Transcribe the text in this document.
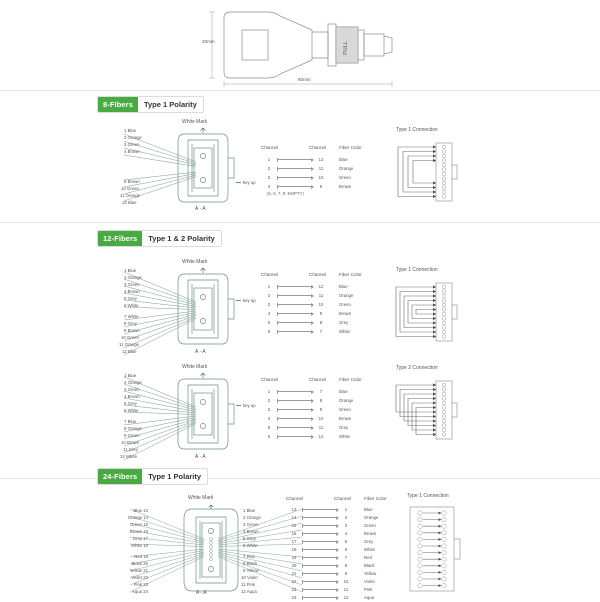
PULL
20mm
60mm
8-Fibers	Type 1 Polarity
White Mark
A - A
key up
1 Blue
2 Orange
3 Green
4 Brown
9 Brown
10 Green
11 Orange
12 Blue
Channel	Channel	Fiber Color
1	12	Blue
2	11	Orange
3	10	Green
4	9	Brown
(5, 6, 7, 8: EMPTY)
Type 1 Connection
12-Fibers	Type 1 & 2 Polarity
White Mark
A - A
key up
1 Blue
2 Orange
3 Green
4 Brown
5 Grey
6 White
7 White
8 Grey
9 Brown
10 Green
11 Orange
12 Blue
Channel	Channel	Fiber Color
1	12	Blue
2	11	Orange
3	10	Green
4	9	Brown
5	8	Grey
6	7	White
Type 1 Connection
White Mark
A - A
key up
1 Blue
2 Orange
3 Green
4 Brown
5 Grey
6 White
7 Blue
8 Orange
9 Green
10 Brown
11 Grey
12 White
Channel	Channel	Fiber Color
1	7	Blue
2	8	Orange
3	9	Green
4	10	Brown
5	11	Grey
6	12	White
Type 2 Connection
24-Fibers	Type 1 Polarity
White Mark
A - A
Blue 13
Orange 14
Green 15
Brown 16
Grey 17
White 18
Red 19
Black 20
Yellow 21
Violet 22
Pink 23
Aqua 24
1 Blue
2 Orange
3 Green
4 Brown
5 Grey
6 White
7 Red
8 Black
9 Yellow
10 Violet
11 Pink
12 Aqua
Channel	Channel	Fiber Color
13	1	Blue
14	2	Orange
15	3	Green
16	4	Brown
17	5	Grey
18	6	White
19	7	Red
20	8	Black
21	9	Yellow
22	10	Violet
23	11	Pink
24	12	Aqua
Type 1 Connection
